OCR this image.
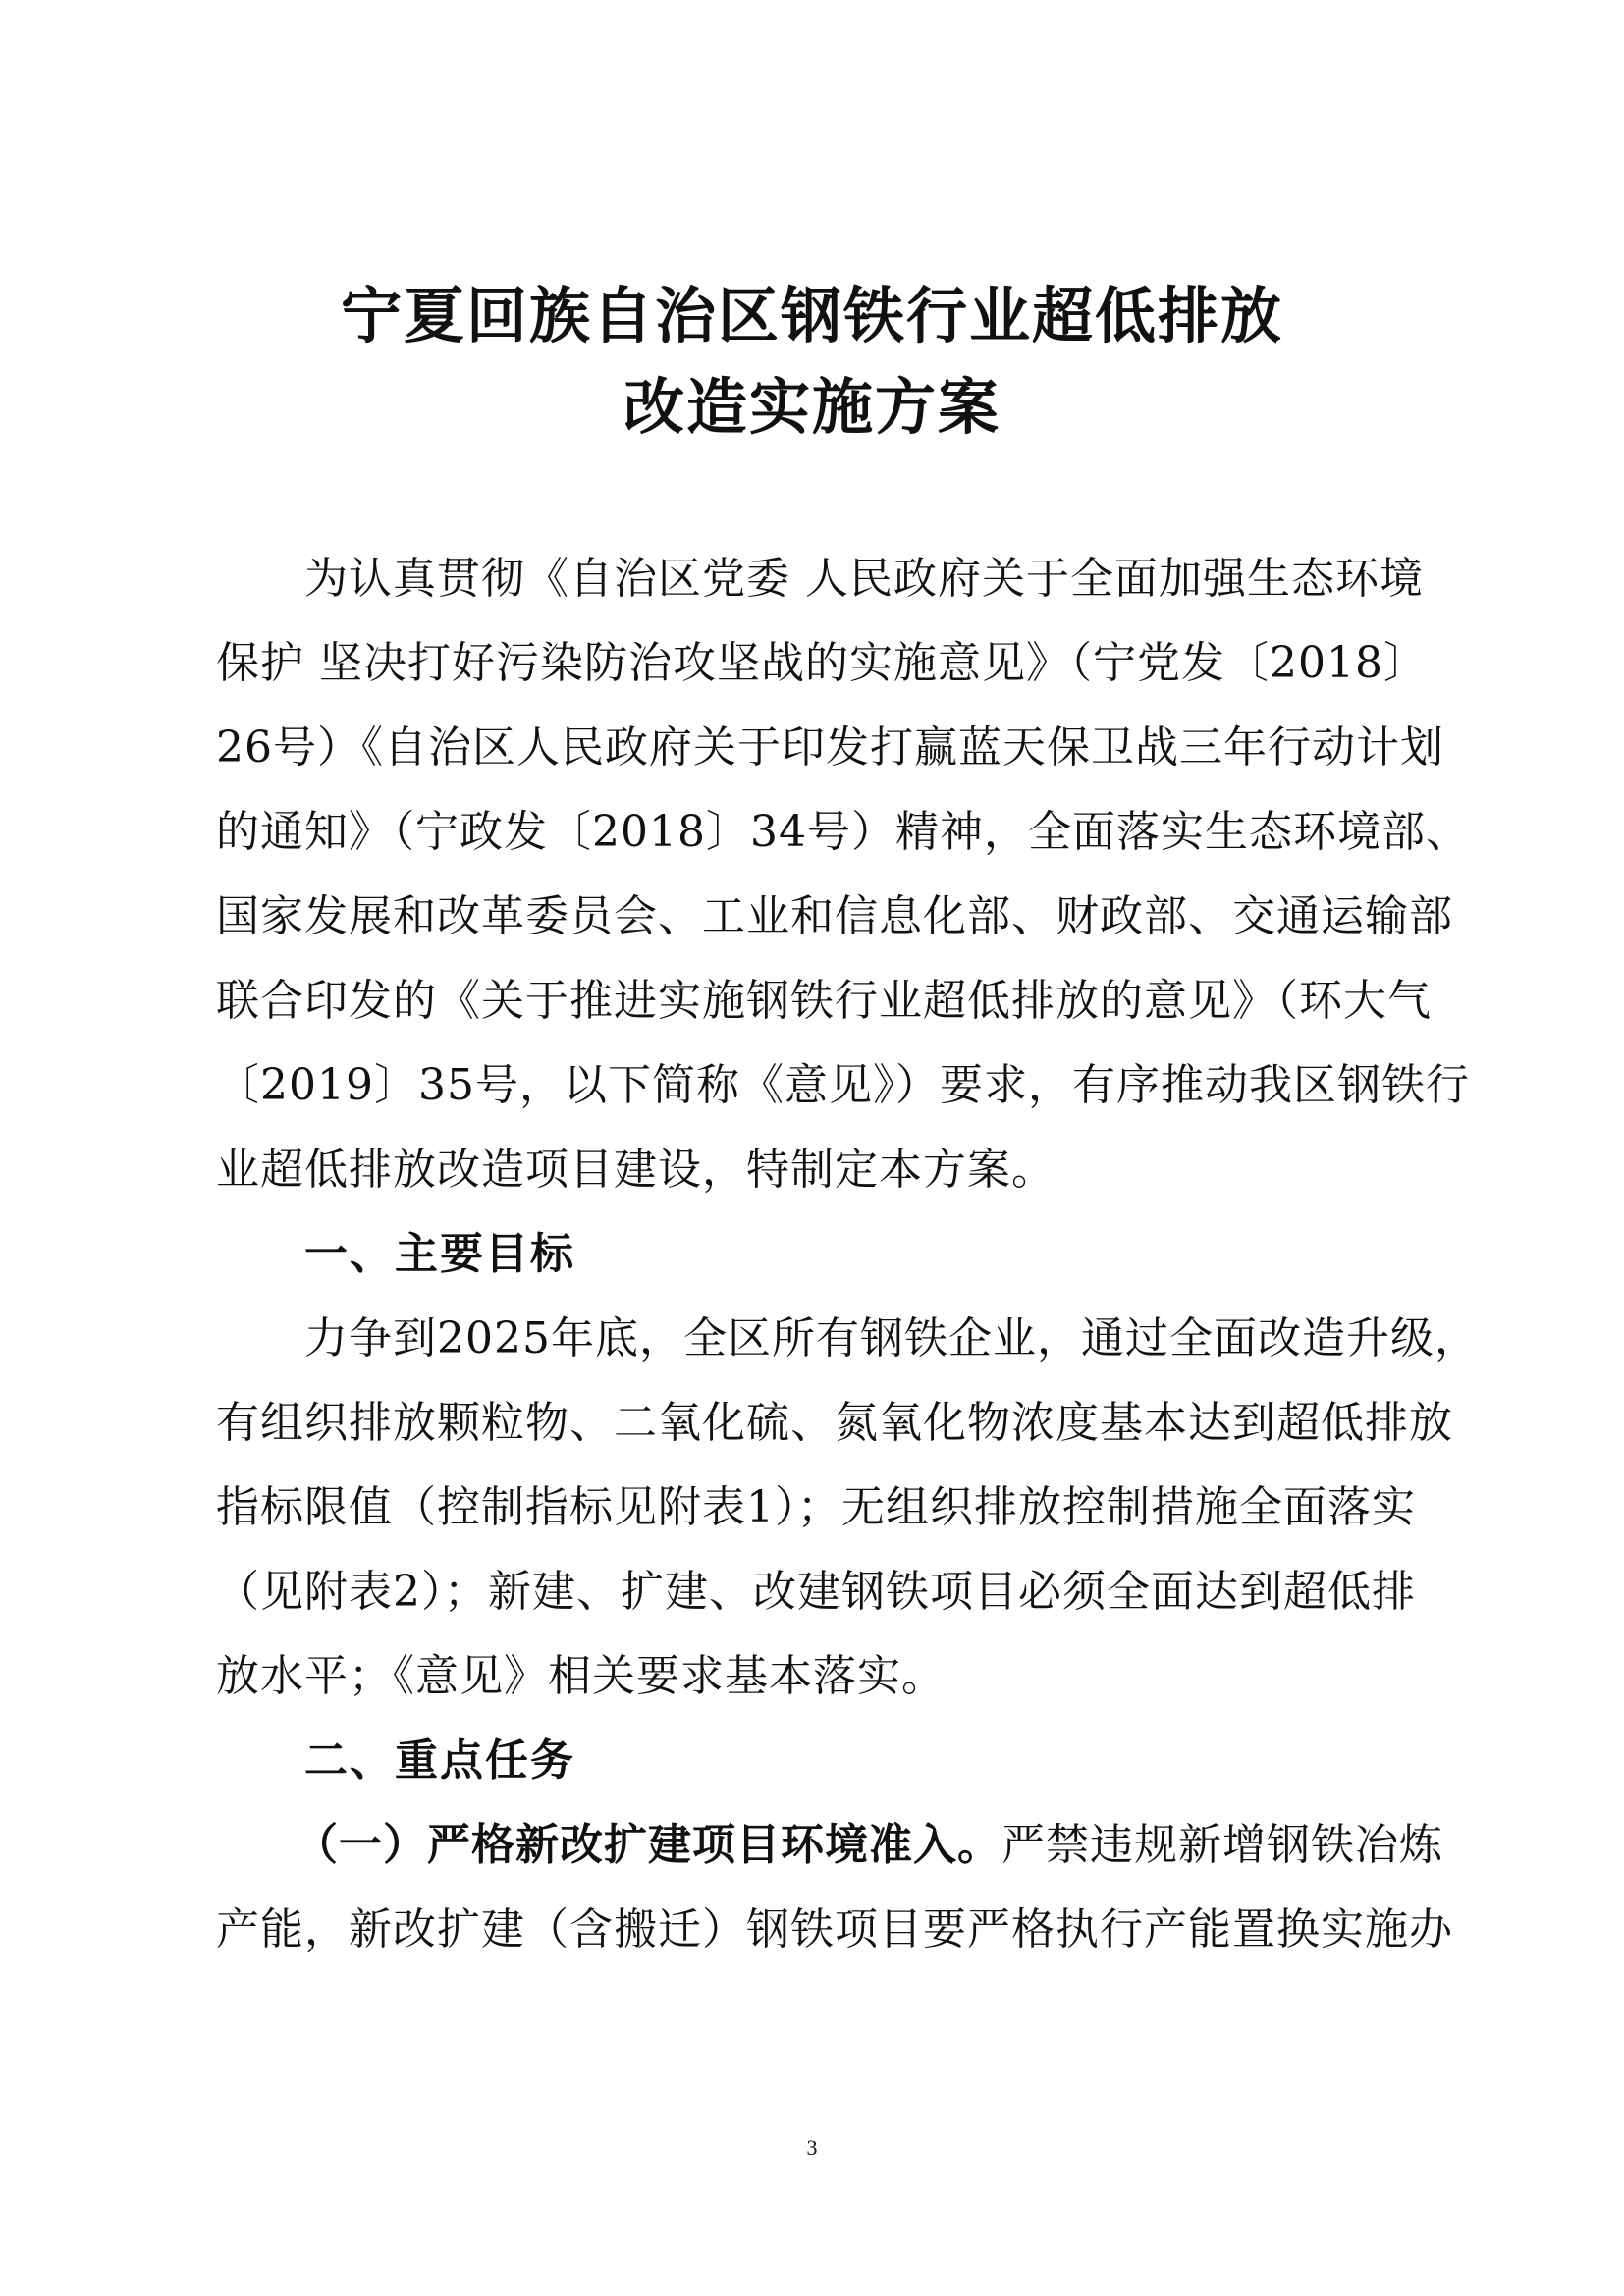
宁夏回族自治区钢铁行业超低排放
改造实施方案
为认真贯彻《自治区党委 人民政府关于全面加强生态环境
保护 坚决打好污染防治攻坚战的实施意见》（宁党发〔2018〕
26号）《自治区人民政府关于印发打赢蓝天保卫战三年行动计划
的通知》（宁政发〔2018〕34号）精神，全面落实生态环境部、
国家发展和改革委员会、工业和信息化部、财政部、交通运输部
联合印发的《关于推进实施钢铁行业超低排放的意见》（环大气
〔2019〕35号，以下简称《意见》）要求，有序推动我区钢铁行
业超低排放改造项目建设，特制定本方案。
一、主要目标
力争到2025年底，全区所有钢铁企业，通过全面改造升级，
有组织排放颗粒物、二氧化硫、氮氧化物浓度基本达到超低排放
指标限值（控制指标见附表1）；无组织排放控制措施全面落实
（见附表2）；新建、扩建、改建钢铁项目必须全面达到超低排
放水平；《意见》相关要求基本落实。
二、重点任务
（一）严格新改扩建项目环境准入。严禁违规新增钢铁冶炼
产能，新改扩建（含搬迁）钢铁项目要严格执行产能置换实施办
3
